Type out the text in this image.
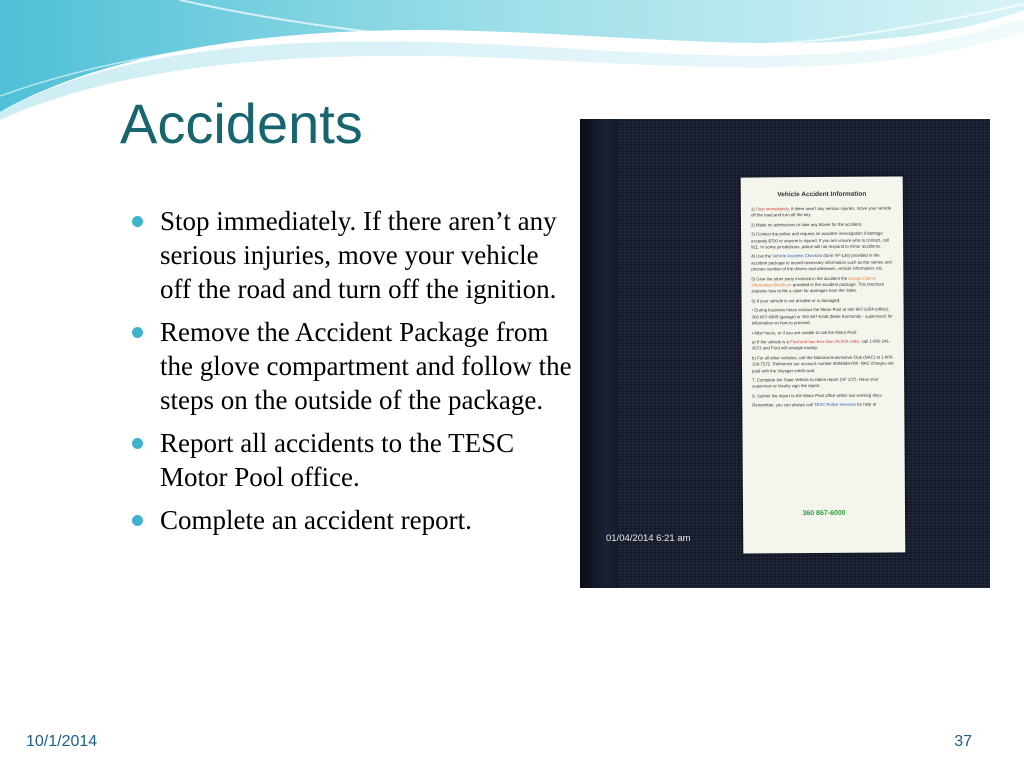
Accidents
Stop immediately. If there aren’t any serious injuries, move your vehicle off the road and turn off the ignition.
Remove the Accident Package from the glove compartment and follow the steps on the outside of the package.
Report all accidents to the TESC Motor Pool office.
Complete an accident report.
Vehicle Accident Information

1) Stop immediately. If there aren’t any serious injuries, move your vehicle off the road and turn off the key.

2) Make no admissions or take any blame for the accident.

3) Contact the police and request an accident investigation if damage exceeds $700 or anyone is injured. If you are unsure who to contact, call 911. In some jurisdictions, police will not respond to minor accidents.

4) Use the Vehicle Accident Checklist (form SF-136) provided in the accident package to record necessary information such as the names and phones number of the drivers and witnesses, vehicle information, etc.

5) Give the other party involved in the accident the orange Claims Information Brochure provided in the accident package. This brochure explains how to file a claim for damages from the State.

6) If your vehicle is not drivable or is damaged:

• During business hours contact the Motor Pool at 360 867-6354 (office), 360 867-6985 (garage) or 360 867-6348 (Mark Kormondy - supervisor) for information on how to proceed.

• After hours, or if you are unable to call the Motor Pool:

a) If the vehicle is a Ford and has less than 36,000 miles, call 1-800 241-3673 and Ford will arrange towing.

b) For all other vehicles, call the National Automotive Club (NAC) at 1-800-328-7272. Reference our account number 8504458-000. NAC charges are paid with the Voyager credit card

7. Complete the State Vehicle Accident report (SF 137). Have your supervisor or faculty sign the report.

8. Submit the report to the Motor Pool office within two working days

Remember, you can always call TESC Police Services for help at

360 867-6000
01/04/2014 6:21 am
10/1/2014	37
